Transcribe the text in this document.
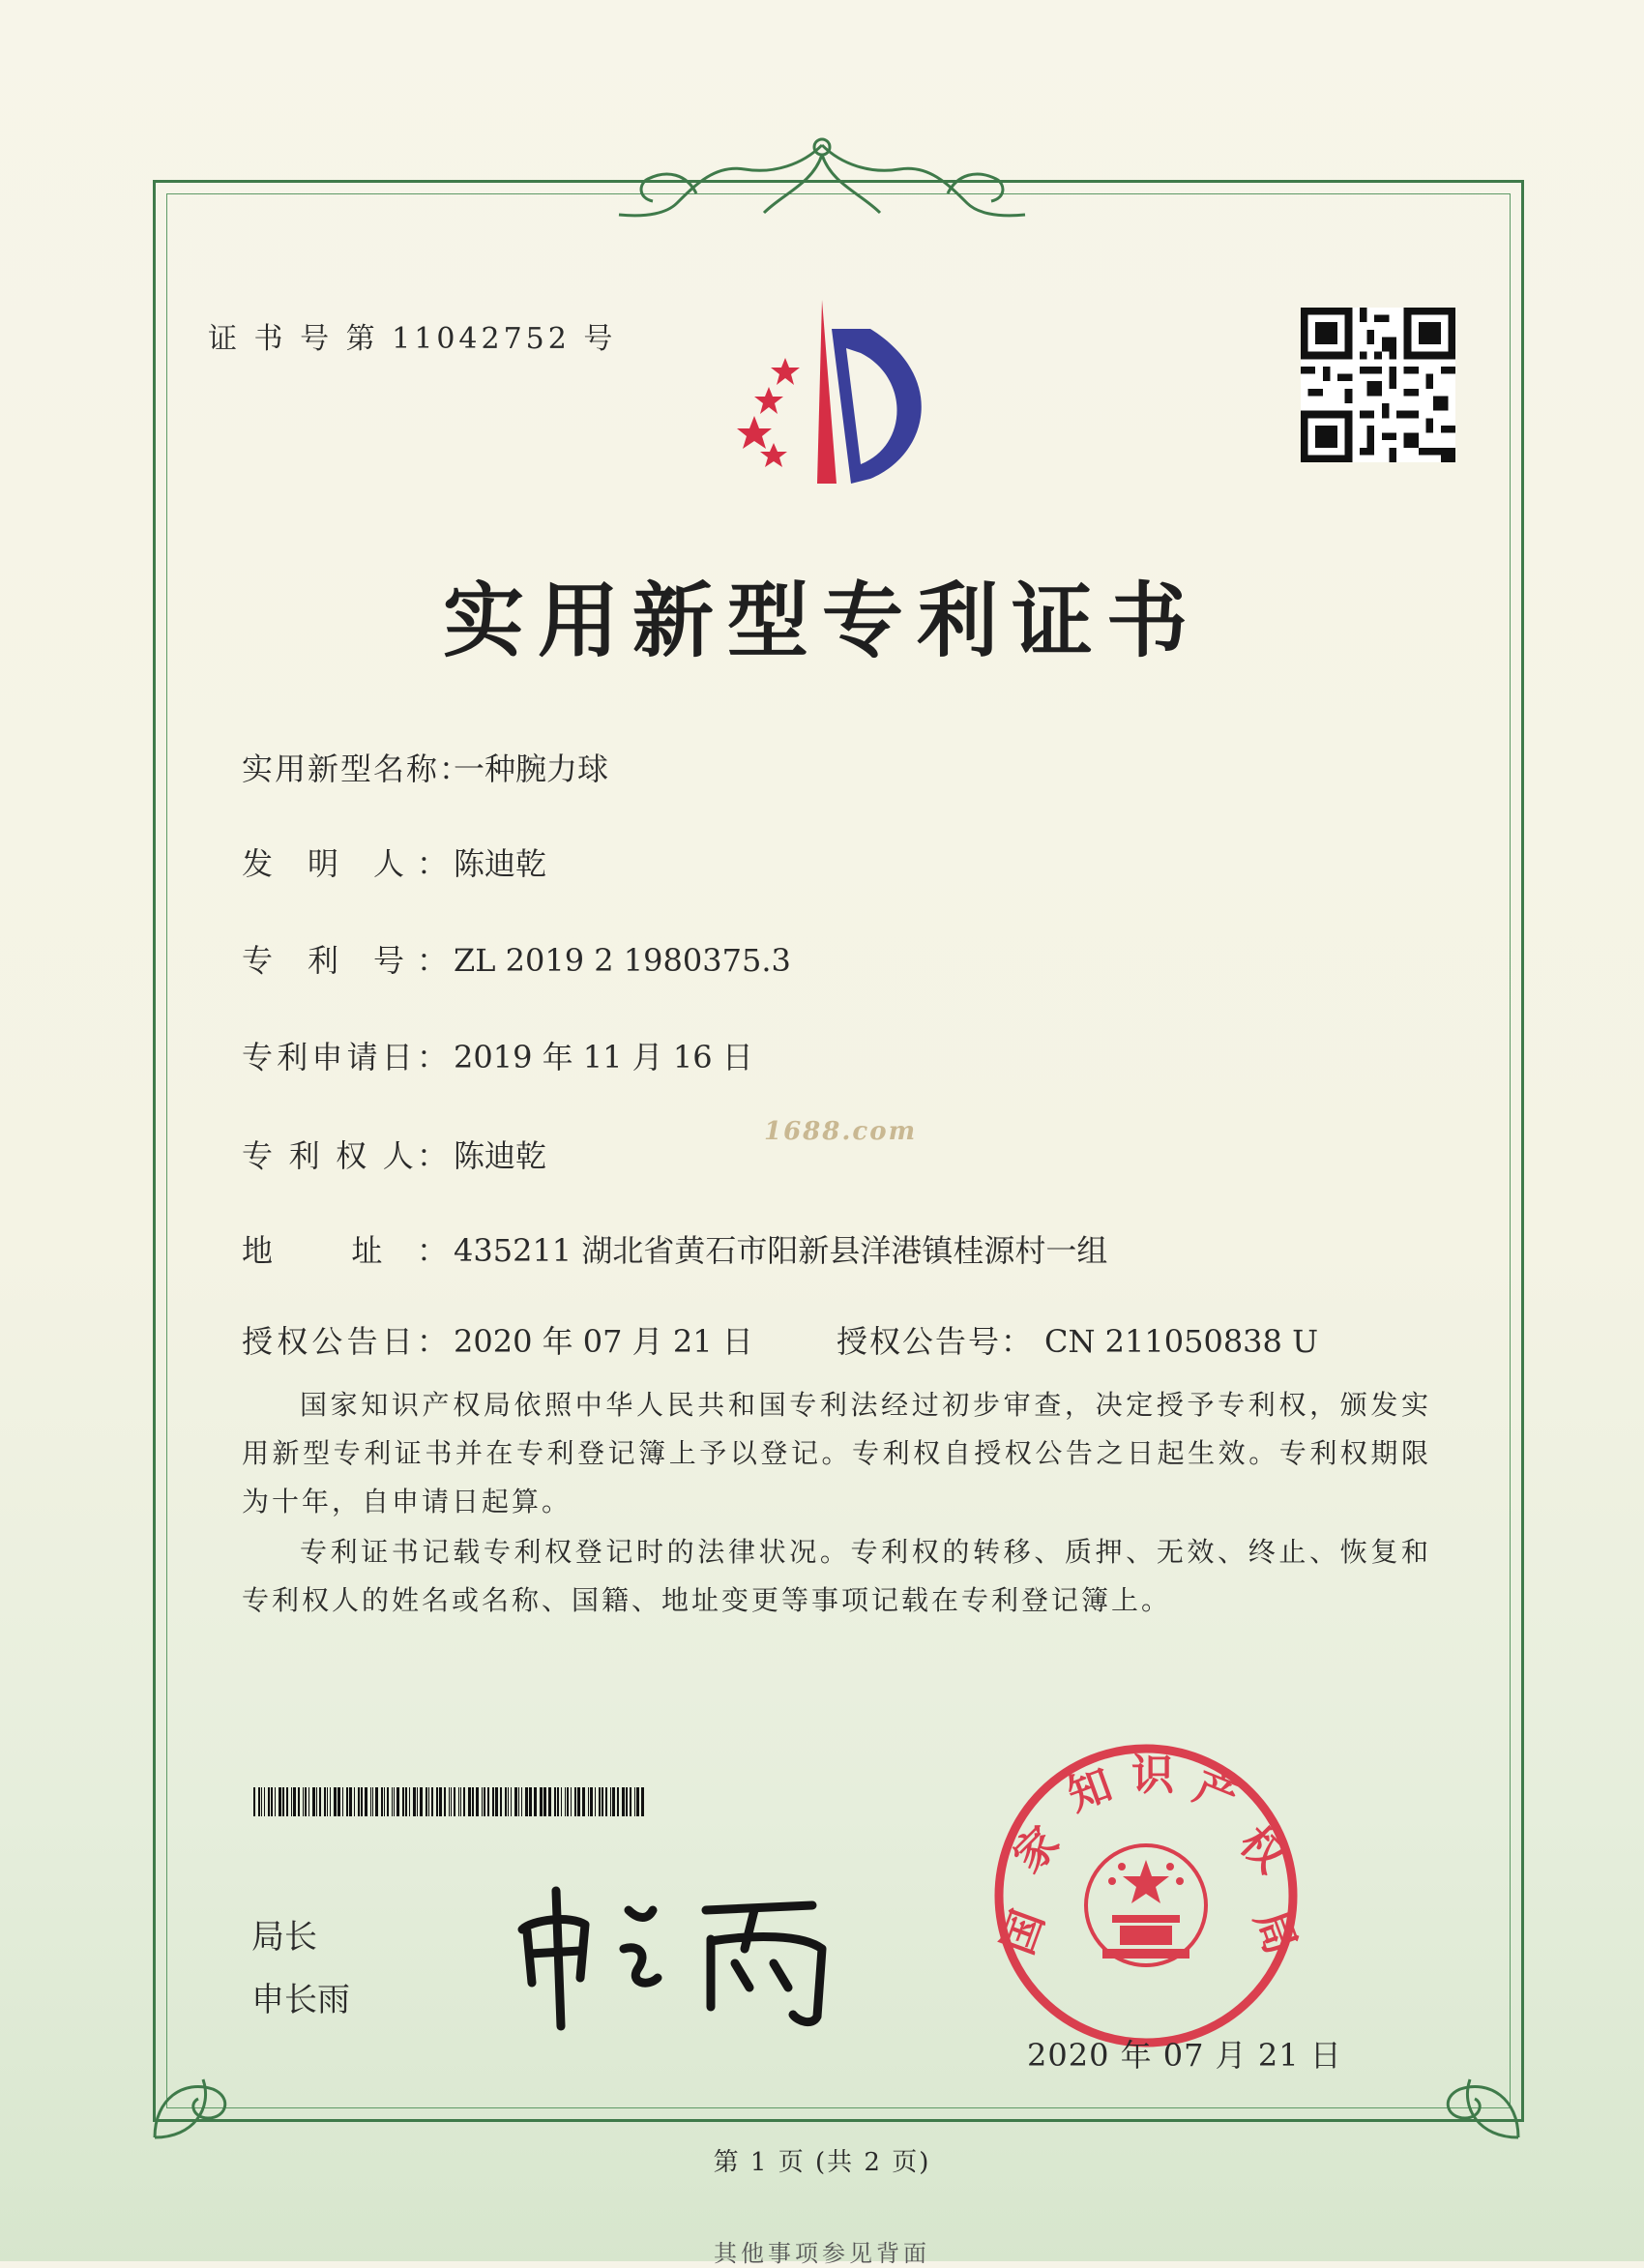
证 书 号 第 11042752 号
实用新型专利证书
实用新型名称：一种腕力球
发 明 人： 陈迪乾
专 利 号： ZL 2019 2 1980375.3
专利申请日： 2019 年 11 月 16 日
专 利 权 人： 陈迪乾
地 址： 435211 湖北省黄石市阳新县洋港镇桂源村一组
授权公告日： 2020 年 07 月 21 日	授权公告号： CN 211050838 U
1688.com
国家知识产权局依照中华人民共和国专利法经过初步审查，决定授予专利权，颁发实用新型专利证书并在专利登记簿上予以登记。专利权自授权公告之日起生效。专利权期限为十年，自申请日起算。
专利证书记载专利权登记时的法律状况。专利权的转移、质押、无效、终止、恢复和专利权人的姓名或名称、国籍、地址变更等事项记载在专利登记簿上。
局长
申长雨
国
家
知 识 产
权
局
2020 年 07 月 21 日
第 1 页 (共 2 页)
其他事项参见背面
